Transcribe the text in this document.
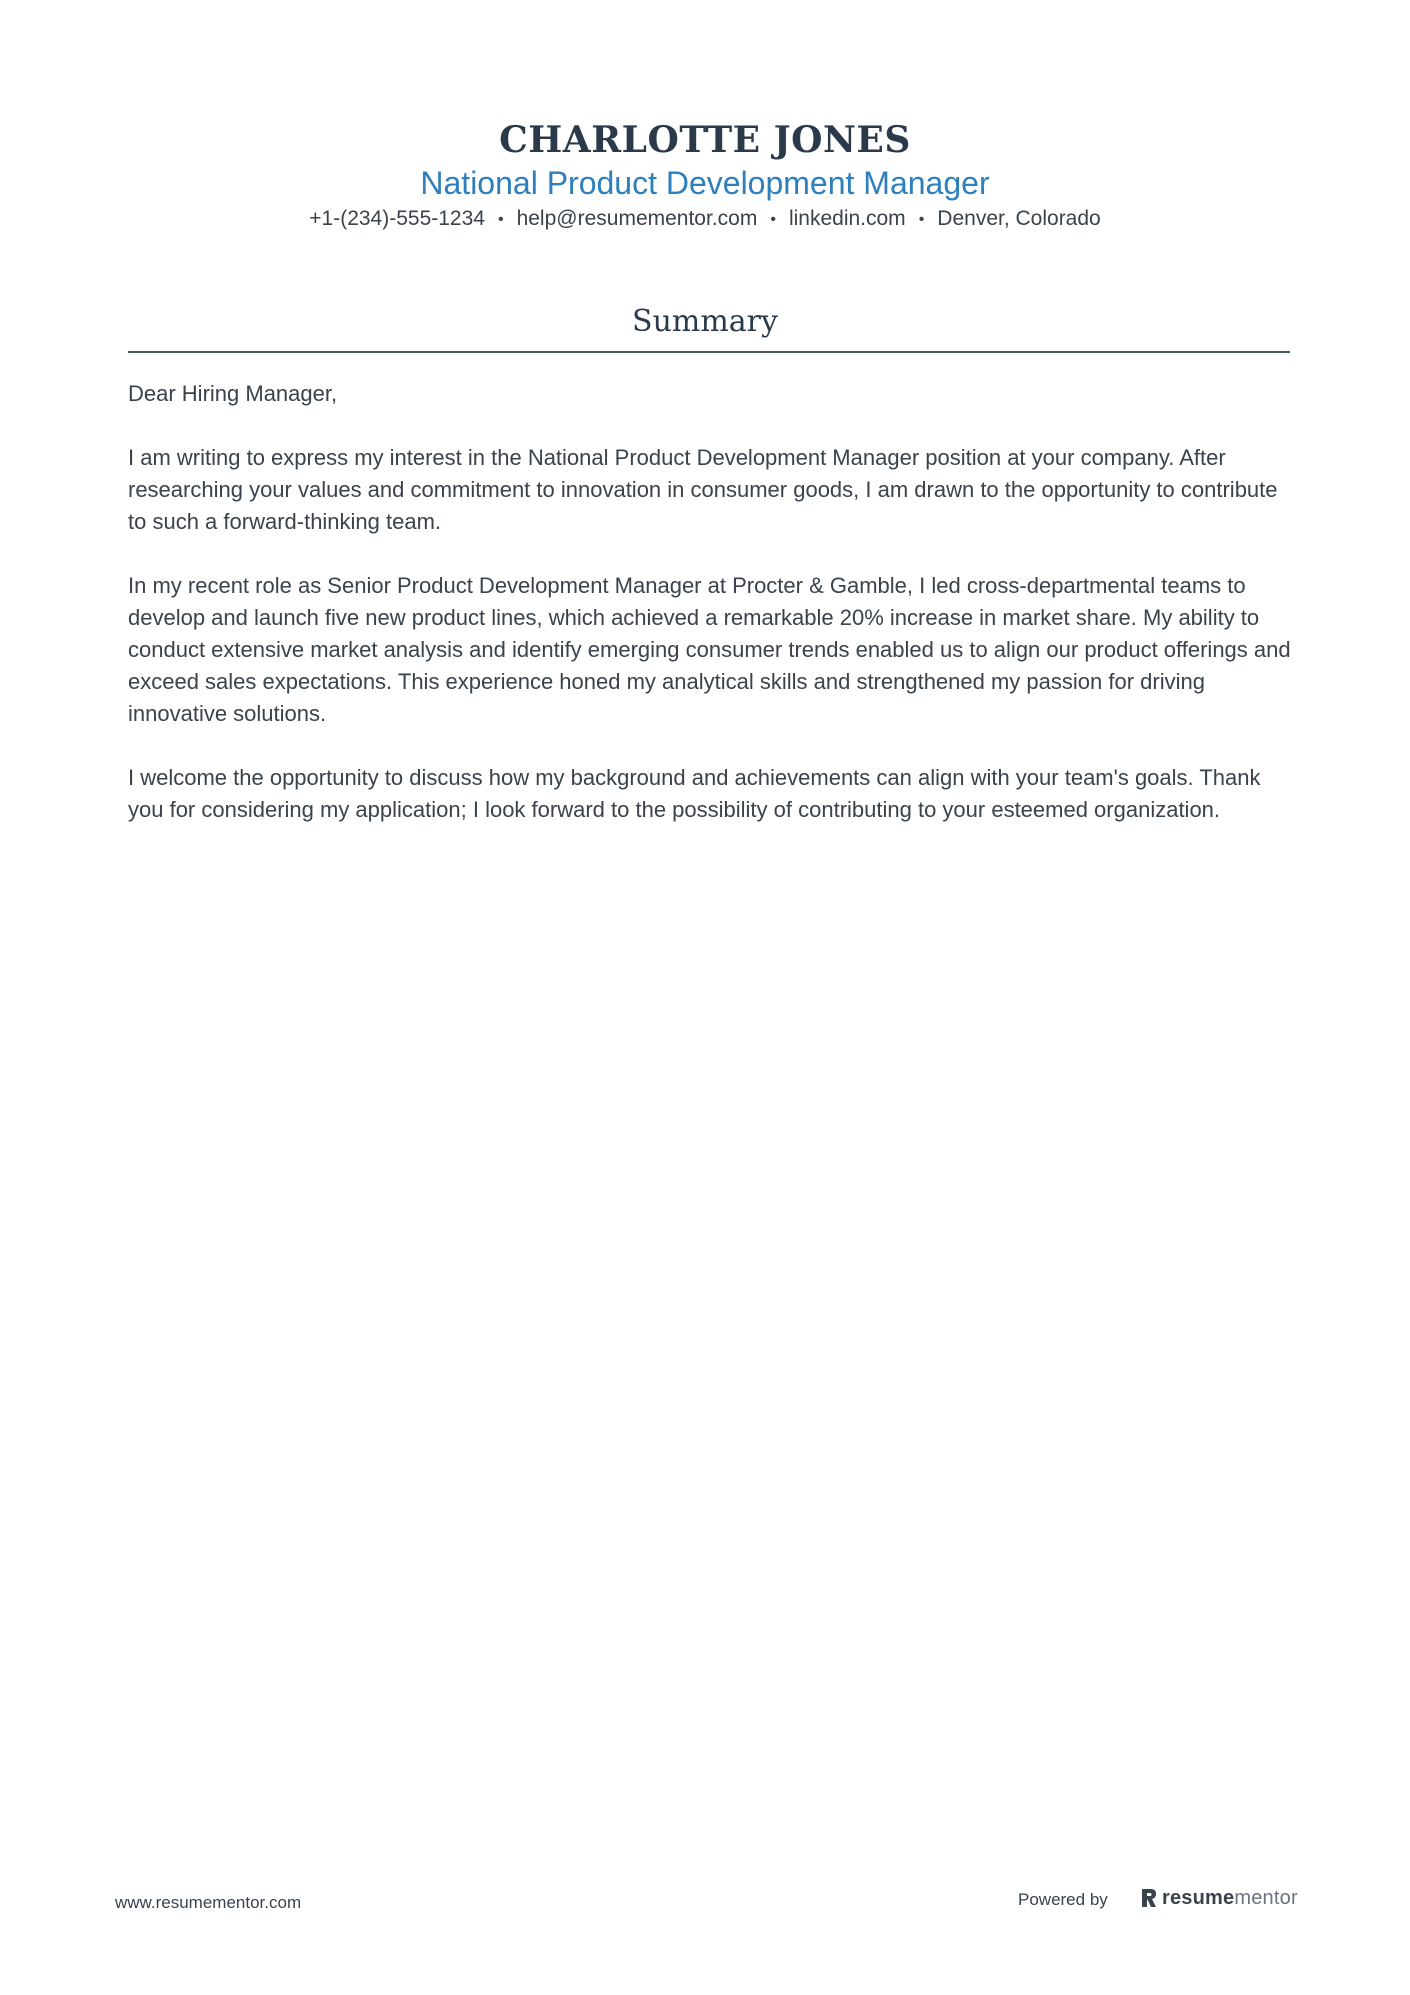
CHARLOTTE JONES
National Product Development Manager
+1-(234)-555-1234 • help@resumementor.com • linkedin.com • Denver, Colorado
Summary

Dear Hiring Manager,

I am writing to express my interest in the National Product Development Manager position at your company. After researching your values and commitment to innovation in consumer goods, I am drawn to the opportunity to contribute to such a forward-thinking team.

In my recent role as Senior Product Development Manager at Procter & Gamble, I led cross-departmental teams to develop and launch five new product lines, which achieved a remarkable 20% increase in market share. My ability to conduct extensive market analysis and identify emerging consumer trends enabled us to align our product offerings and exceed sales expectations. This experience honed my analytical skills and strengthened my passion for driving innovative solutions.

I welcome the opportunity to discuss how my background and achievements can align with your team's goals. Thank you for considering my application; I look forward to the possibility of contributing to your esteemed organization.

www.resumementor.com	Powered by	resumementor
